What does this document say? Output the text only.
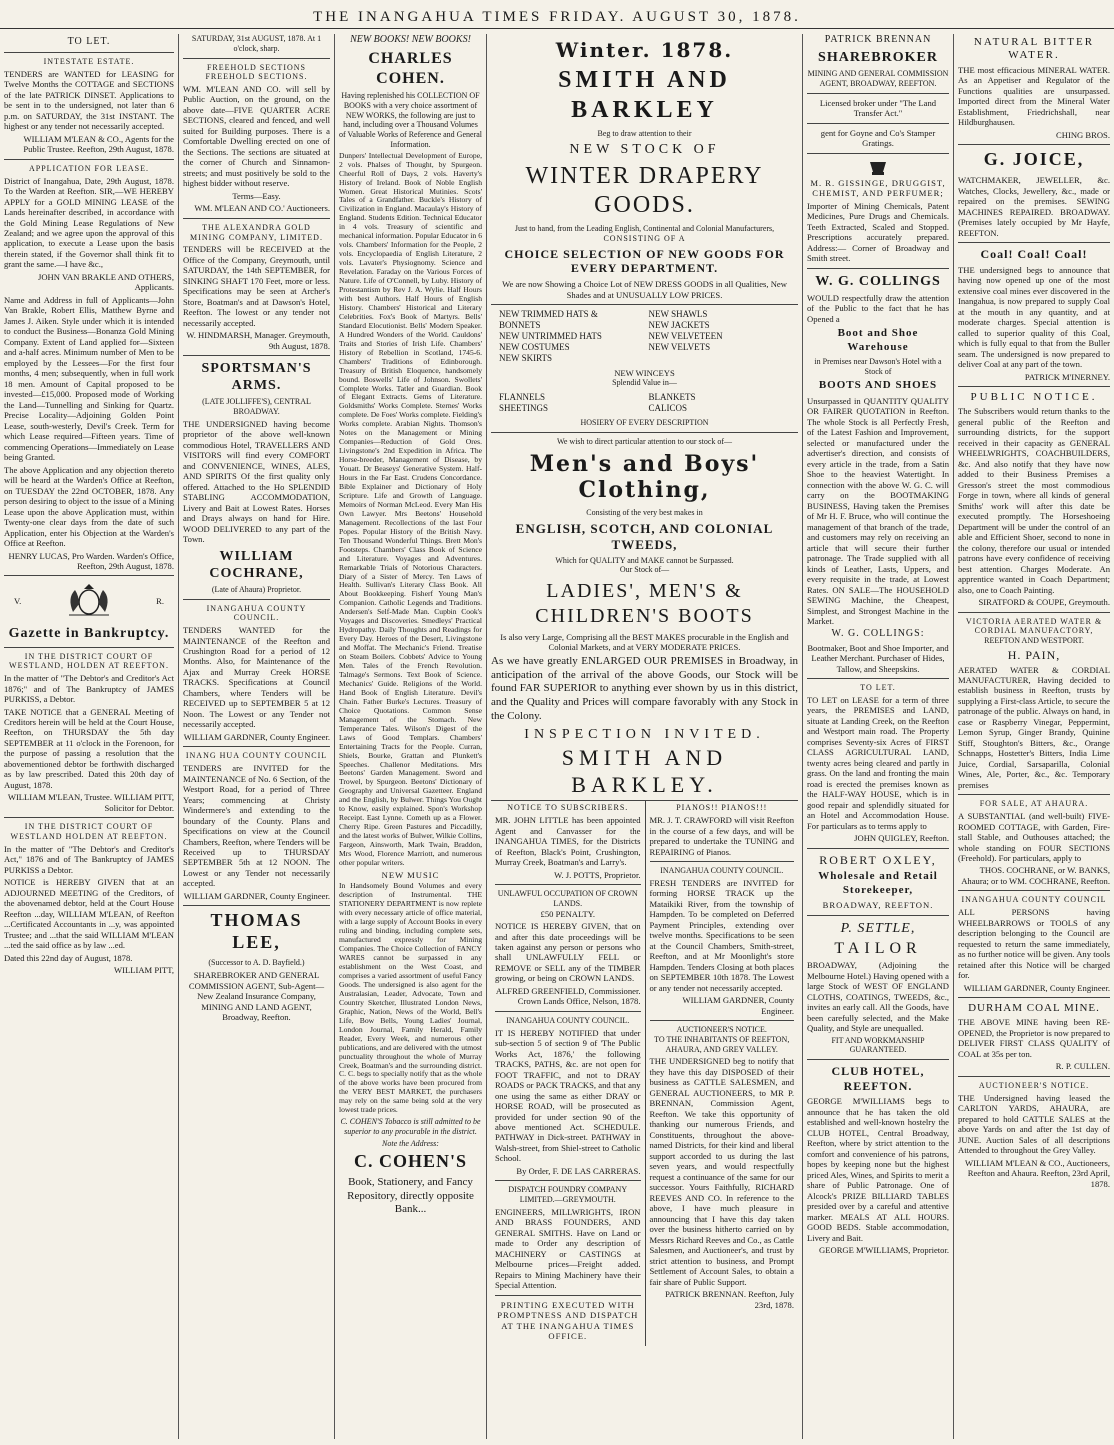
THE INANGAHUA TIMES FRIDAY. AUGUST 30, 1878.
TO LET.
INTESTATE ESTATE.

TENDERS are WANTED for LEASING for Twelve Months the COTTAGE and SECTIONS of the late PATRICK DINSET. Applications to be sent in to the undersigned, not later than 6 p.m. on SATURDAY, the 31st INSTANT. The highest or any tender not necessarily accepted.

WILLIAM M'LEAN & CO., Agents for the Public Trustee. Reefton, 29th August, 1878.

APPLICATION FOR LEASE.

District of Inangahua, Date, 29th August, 1878. To the Warden at Reefton. SIR,—WE HEREBY APPLY for a GOLD MINING LEASE of the Lands hereinafter described, in accordance with the Gold Mining Lease Regulations of New Zealand; and we agree upon the approval of this application, to execute a Lease upon the basis therein stated, if the Governor shall think fit to grant the same.—I have &c.,

JOHN VAN BRAKLE AND OTHERS, Applicants.

Name and Address in full of Applicants—John Van Brakle, Robert Ellis, Matthew Byrne and James J. Aiken. Style under which it is intended to conduct the Business—Bonanza Gold Mining Company. Extent of Land applied for—Sixteen and a-half acres. Minimum number of Men to be employed by the Lessees—For the first four months, 4 men; subsequently, when in full work 18 men. Amount of Capital proposed to be invested—£15,000. Proposed mode of Working the Land—Tunnelling and Sinking for Quartz. Precise Locality—Adjoining Golden Point Lease, south-westerly, Devil's Creek. Term for which Lease required—Fifteen years. Time of commencing Operations—Immediately on Lease being Granted.

The above Application and any objection thereto will be heard at the Warden's Office at Reefton, on TUESDAY the 22nd OCTOBER, 1878. Any person desiring to object to the issue of a Mining Lease upon the above Application must, within Twenty-one clear days from the date of such Application, enter his Objection at the Warden's Office at Reefton.

HENRY LUCAS, Pro Warden. Warden's Office, Reefton, 29th August, 1878.

V.	R.
Gazette in Bankruptcy.
IN THE DISTRICT COURT OF WESTLAND, HOLDEN AT REEFTON.

In the matter of "The Debtor's and Creditor's Act 1876;" and of The Bankruptcy of JAMES PURKISS, a Debtor.

TAKE NOTICE that a GENERAL Meeting of Creditors herein will be held at the Court House, Reefton, on THURSDAY the 5th day SEPTEMBER at 11 o'clock in the Forenoon, for the purpose of passing a resolution that the abovementioned debtor be forthwith discharged as by law prescribed. Dated this 20th day of August, 1878.

WILLIAM M'LEAN, Trustee. WILLIAM PITT, Solicitor for Debtor.

IN THE DISTRICT COURT OF WESTLAND HOLDEN AT REEFTON.

In the matter of "The Debtor's and Creditor's Act," 1876 and of The Bankruptcy of JAMES PURKISS a Debtor.

NOTICE is HEREBY GIVEN that at an ADJOURNED MEETING of the Creditors, of the abovenamed debtor, held at the Court House Reefton ...day, WILLIAM M'LEAN, of Reefton ...Certificated Accountants in ...y, was appointed Trustee; and ...that the said WILLIAM M'LEAN ...ted the said office as by law ...ed.

Dated this 22nd day of August, 1878.

WILLIAM PITT,

SATURDAY, 31st AUGUST, 1878. At 1 o'clock, sharp.
FREEHOLD SECTIONS FREEHOLD SECTIONS.

WM. M'LEAN AND CO. will sell by Public Auction, on the ground, on the above date—FIVE QUARTER ACRE SECTIONS, cleared and fenced, and well suited for Building purposes. There is a Comfortable Dwelling erected on one of the Sections. The sections are situated at the corner of Church and Sinnamon-streets; and must positively be sold to the highest bidder without reserve.

Terms—Easy.

WM. M'LEAN AND CO.' Auctioneers.

THE ALEXANDRA GOLD MINING COMPANY, LIMITED.

TENDERS will be RECEIVED at the Office of the Company, Greymouth, until SATURDAY, the 14th SEPTEMBER, for SINKING SHAFT 170 Feet, more or less. Specifications may be seen at Archer's Store, Boatman's and at Dawson's Hotel, Reefton. The lowest or any tender not necessarily accepted.

W. HINDMARSH, Manager. Greymouth, 9th August, 1878.

SPORTSMAN'S ARMS.
(LATE JOLLIFFE'S), CENTRAL BROADWAY.

THE UNDERSIGNED having become proprietor of the above well-known commodious Hotel, TRAVELLERS AND VISITORS will find every COMFORT and CONVENIENCE, WINES, ALES, AND SPIRITS Of the first quality only offered. Attached to the Ho SPLENDID STABLING ACCOMMODATION, Livery and Bait at Lowest Rates. Horses and Drays always on hand for Hire. WOOD DELIVERED to any part of the Town.

WILLIAM COCHRANE,
(Late of Ahaura) Proprietor.
INANGAHUA COUNTY COUNCIL.

TENDERS WANTED for the MAINTENANCE of the Reefton and Crushington Road for a period of 12 Months. Also, for Maintenance of the Ajax and Murray Creek HORSE TRACKS. Specifications at Council Chambers, where Tenders will be RECEIVED up to SEPTEMBER 5 at 12 Noon. The Lowest or any Tender not necessarily accepted.

WILLIAM GARDNER, County Engineer.

INANG HUA COUNTY COUNCIL

TENDERS are INVITED for the MAINTENANCE of No. 6 Section, of the Westport Road, for a period of Three Years; commencing at Christy Windermere's and extending to the boundary of the County. Plans and Specifications on view at the Council Chambers, Reefton, where Tenders will be Received up to THURSDAY SEPTEMBER 5th at 12 NOON. The Lowest or any Tender not necessarily accepted.

WILLIAM GARDNER, County Engineer.

THOMAS LEE,
(Successor to A. D. Bayfield.)

SHAREBROKER AND GENERAL COMMISSION AGENT, Sub-Agent—New Zealand Insurance Company, MINING AND LAND AGENT, Broadway, Reefton.

NEW BOOKS! NEW BOOKS!
CHARLES COHEN.

Having replenished his COLLECTION OF BOOKS with a very choice assortment of NEW WORKS, the following are just to hand, including over a Thousand Volumes of Valuable Works of Reference and General Information.

Dunpers' Intellectual Development of Europe, 2 vols. Phalses of Thought, by Spurgeon. Cheerful Roll of Days, 2 vols. Haverty's History of Ireland. Book of Noble English Women. Great Historical Mutinies. Scots' Tales of a Grandfather. Buckle's History of Civilization in England. Macaulay's History of England. Students Edition. Technical Educator in 4 vols. Treasury of scientific and mechanical information. Popular Educator in 6 vols. Chambers' Information for the People, 2 vols. Encyclopaedia of English Literature, 2 vols. Lavater's Physiognomy. Science and Revelation. Faraday on the Various Forces of Nature. Life of O'Connell, by Luby. History of Protestantism by Rev J. A. Wylie. Half Hours with best Authors. Half Hours of English History. Chambers' Historical and Literary Celebrities. Fox's Book of Martyrs. Bells' Standard Elocutionist. Bells' Modern Speaker. A Hundred Wonders of the World. Cauldons' Traits and Stories of Irish Life. Chambers' History of Rebellion in Scotland, 1745-6. Chambers' Traditions of Edinborough. Treasury of British Eloquence, handsomely bound. Boswells' Life of Johnson. Swollets' Complete Works. Tatler and Guardian. Book of Elegant Extracts. Gems of Literature. Goldsmiths' Works Complete. Sternes' Works complete. De Foes' Works complete. Fielding's Works complete. Arabian Nights. Thomson's Notes on the Management or Mining Companies—Reduction of Gold Ores. Livingstone's 2nd Expedition in Africa. The Horse-breeder, Management of Disease, by Youatt. Dr Beaseys' Generative System. Half-Hours in the Far East. Crudens Concordance. Bible Explainer and Dictionary of Holy Scripture. Life and Growth of Language. Memoirs of Norman McLeod. Every Man His Own Lawyer. Mrs Beetons' Household Management. Recollections of the last Four Popes. Popular History of the British Navy. Ten Thousand Wonderful Things. Brett Mon's Footsteps. Chambers' Class Book of Science and Literature. Voyages and Adventures. Remarkable Trials of Notorious Characters. Diary of a Sister of Mercy. Ten Laws of Health. Sullivan's Literary Class Book. All About Bookkeeping. Fisherf Young Man's Companion. Catholic Legends and Traditions. Andersen's Self-Made Man. Cupbin Cook's Voyages and Discoveries. Smedleys' Practical Hydropathy. Daily Thoughts and Readings for Every Day. Heroes of the Desert, Livingstone and Moffat. The Mechanic's Friend. Treatise on Steam Boilers. Cobbets' Advice to Young Men. Tales of the French Revolution. Talmage's Sermons. Text Book of Science. Mechanics' Guide. Religions of the World. Hand Book of English Literature. Devil's Chain. Father Burke's Lectures. Treasury of Choice Quotations. Common Sense Management of the Stomach. New Temperance Tales. Wilson's Digest of the Laws of Good Templars. Chambers' Entertaining Tracts for the People. Curran, Shiels, Bourke, Grattan and Plunkett's Speeches. Challenor Meditations. Mrs Beetons' Garden Management. Sword and Trowel, by Spurgeon. Beetons' Dictionary of Geography and Universal Gazetteer. England and the English, by Bulwer. Things You Ought to Know, easily explained. Spon's Workshop Receipt. East Lynne. Cometh up as a Flower. Cherry Ripe. Green Pastures and Piccadilly, and the latest works of Bulwer, Wilkie Collins, Fargeon, Ainsworth, Mark Twain, Braddon, Mrs Wood, Florence Marriott, and numerous other popular writers.

NEW MUSIC

In Handsomely Bound Volumes and every description of Instrumental. THE STATIONERY DEPARTMENT is now replete with every necessary article of office material, with a large supply of Account Books in every ruling and binding, including complete sets, manufactured expressly for Mining Companies. The Choice Collection of FANCY WARES cannot be surpassed in any establishment on the West Coast, and comprises a varied assortment of useful Fancy Goods. The undersigned is also agent for the Australasian, Leader, Advocate, Town and Country Sketcher, Illustrated London News, Graphic, Nation, News of the World, Bell's Life, Bow Bells, Young Ladies' Journal, London Journal, Family Herald, Family Reader, Every Week, and numerous other publications, and are delivered with the utmost punctuality throughout the whole of Murray Creek, Boatman's and the surrounding district. C. C. begs to specially notify that as the whole of the above works have been procured from the VERY BEST MARKET, the purchasers may rely on the same being sold at the very lowest trade prices.

C. COHEN'S Tobacco is still admitted to be superior to any procurable in the district.

Note the Address:
C. COHEN'S
Book, Stationery, and Fancy Repository, directly opposite Bank...
Winter. 1878.
SMITH AND BARKLEY
Beg to draw attention to their
NEW STOCK OF
WINTER DRAPERY GOODS.
Just to hand, from the Leading English, Continental and Colonial Manufacturers,
CONSISTING OF A
CHOICE SELECTION OF NEW GOODS FOR EVERY DEPARTMENT.

We are now Showing a Choice Lot of NEW DRESS GOODS in all Qualities, New Shades and at UNUSUALLY LOW PRICES.

NEW TRIMMED HATS & BONNETS
NEW UNTRIMMED HATS
NEW COSTUMES
NEW SKIRTS
NEW SHAWLS
NEW JACKETS
NEW VELVETEEN
NEW VELVETS
NEW WINCEYS
Splendid Value in—
FLANNELS
SHEETINGS
BLANKETS
CALICOS
HOSIERY OF EVERY DESCRIPTION
We wish to direct particular attention to our stock of—
Men's and Boys' Clothing,
Consisting of the very best makes in
ENGLISH, SCOTCH, AND COLONIAL TWEEDS,
Which for QUALITY and MAKE cannot be Surpassed.
Our Stock of—
LADIES', MEN'S & CHILDREN'S BOOTS

Is also very Large, Comprising all the BEST MAKES procurable in the English and Colonial Markets, and at VERY MODERATE PRICES.

As we have greatly ENLARGED OUR PREMISES in Broadway, in anticipation of the arrival of the above Goods, our Stock will be found FAR SUPERIOR to anything ever shown by us in this district, and the Quality and Prices will compare favorably with any Stock in the Colony.

INSPECTION INVITED.
SMITH AND BARKLEY.
NOTICE TO SUBSCRIBERS.

MR. JOHN LITTLE has been appointed Agent and Canvasser for the INANGAHUA TIMES, for the Districts of Reefton, Black's Point, Crushington, Murray Creek, Boatman's and Larry's.

W. J. POTTS, Proprietor.

UNLAWFUL OCCUPATION OF CROWN LANDS.
£50 PENALTY.

NOTICE IS HEREBY GIVEN, that on and after this date proceedings will be taken against any person or persons who shall UNLAWFULLY FELL or REMOVE or SELL any of the TIMBER growing, or being on CROWN LANDS.

ALFRED GREENFIELD, Commissioner. Crown Lands Office, Nelson, 1878.

INANGAHUA COUNTY COUNCIL.

IT IS HEREBY NOTIFIED that under sub-section 5 of section 9 of 'The Public Works Act, 1876,' the following TRACKS, PATHS, &c. are not open for FOOT TRAFFIC, and not to DRAY ROADS or PACK TRACKS, and that any one using the same as either DRAY or HORSE ROAD, will be prosecuted as provided for under section 90 of the above mentioned Act. SCHEDULE. PATHWAY in Dick-street. PATHWAY in Walsh-street, from Shiel-street to Catholic School.

By Order, F. DE LAS CARRERAS.

DISPATCH FOUNDRY COMPANY LIMITED.—GREYMOUTH.

ENGINEERS, MILLWRIGHTS, IRON AND BRASS FOUNDERS, AND GENERAL SMITHS. Have on Land or made to Order any description of MACHINERY or CASTINGS at Melbourne prices—Freight added. Repairs to Mining Machinery have their Special Attention.

PRINTING EXECUTED WITH PROMPTNESS AND DISPATCH AT THE INANGAHUA TIMES OFFICE.

PIANOS!! PIANOS!!!

MR. J. T. CRAWFORD will visit Reefton in the course of a few days, and will be prepared to undertake the TUNING and REPAIRING of Pianos.

INANGAHUA COUNTY COUNCIL.

FRESH TENDERS are INVITED for forming HORSE TRACK up the Mataikiki River, from the township of Hampden. To be completed on Deferred Payment Principles, extending over twelve months. Specifications to be seen at the Council Chambers, Smith-street, Reefton, and at Mr Moonlight's store Hampden. Tenders Closing at both places on SEPTEMBER 10th 1878. The Lowest or any tender not necessarily accepted.

WILLIAM GARDNER, County Engineer.

AUCTIONEER'S NOTICE.
TO THE INHABITANTS OF REEFTON, AHAURA, AND GREY VALLEY.

THE UNDERSIGNED beg to notify that they have this day DISPOSED of their business as CATTLE SALESMEN, and GENERAL AUCTIONEERS, to MR P. BRENNAN, Commission Agent, Reefton. We take this opportunity of thanking our numerous Friends, and Constituents, throughout the above-named Districts, for their kind and liberal support accorded to us during the last seven years, and would respectfully request a continuance of the same for our successor. Yours Faithfully, RICHARD REEVES AND CO. In reference to the above, I have much pleasure in announcing that I have this day taken over the business hitherto carried on by Messrs Richard Reeves and Co., as Cattle Salesmen, and Auctioneer's, and trust by strict attention to business, and Prompt Settlement of Account Sales, to obtain a fair share of Public Support.

PATRICK BRENNAN. Reefton, July 23rd, 1878.

PATRICK BRENNAN
SHAREBROKER

MINING AND GENERAL COMMISSION AGENT, BROADWAY, REEFTON.

Licensed broker under "The Land Transfer Act."

gent for Goyne and Co's Stamper Gratings.

M. R. GISSINGE, DRUGGIST, CHEMIST, AND PERFUMER;

Importer of Mining Chemicals, Patent Medicines, Pure Drugs and Chemicals. Teeth Extracted, Scaled and Stopped. Prescriptions accurately prepared. Address:— Corner of Broadway and Smith street.

W. G. COLLINGS

WOULD respectfully draw the attention of the Public to the fact that he has Opened a

Boot and Shoe Warehouse
in Premises near Dawson's Hotel with a Stock of
BOOTS AND SHOES

Unsurpassed in QUANTITY QUALITY OR FAIRER QUOTATION in Reefton. The whole Stock is all Perfectly Fresh, of the Latest Fashion and Improvement, selected or manufactured under the advertiser's direction, and consists of every article in the trade, from a Satin Shoe to the heaviest Watertight. In connection with the above W. G. C. will carry on the BOOTMAKING BUSINESS, Having taken the Premises of Mr H. F. Bruce, who will continue the management of that branch of the trade, and customers may rely on receiving an article that will secure their further patronage. The Trade supplied with all kinds of Leather, Lasts, Uppers, and every requisite in the trade, at Lowest Rates. ON SALE—The HOUSEHOLD SEWING Machine, the Cheapest, Simplest, and Strongest Machine in the Market.

W. G. COLLINGS:

Bootmaker, Boot and Shoe Importer, and Leather Merchant. Purchaser of Hides, Tallow, and Sheepskins.

TO LET.

TO LET on LEASE for a term of three years, the PREMISES and LAND, situate at Landing Creek, on the Reefton and Westport main road. The Property comprises Seventy-six Acres of FIRST CLASS AGRICULTURAL LAND, twenty acres being cleared and partly in grass. On the land and fronting the main road is erected the premises known as the HALF-WAY HOUSE, which is in good repair and splendidly situated for an Hotel and Accommodation House. For particulars as to terms apply to

JOHN QUIGLEY, Reefton.

ROBERT OXLEY,
Wholesale and Retail Storekeeper,
BROADWAY, REEFTON.
P. SETTLE,
TAILOR

BROADWAY, (Adjoining the Melbourne Hotel.) Having opened with a large Stock of WEST OF ENGLAND CLOTHS, COATINGS, TWEEDS, &c., invites an early call. All the Goods, have been carefully selected, and the Make Quality, and Style are unequalled.

FIT AND WORKMANSHIP GUARANTEED.
CLUB HOTEL, REEFTON.

GEORGE M'WILLIAMS begs to announce that he has taken the old established and well-known hostelry the CLUB HOTEL, Central Broadway, Reefton, where by strict attention to the comfort and convenience of his patrons, hopes by keeping none but the highest priced Ales, Wines, and Spirits to merit a share of Public Patronage. One of Alcock's PRIZE BILLIARD TABLES presided over by a careful and attentive marker. MEALS AT ALL HOURS. GOOD BEDS. Stable accommodation, Livery and Bait.

GEORGE M'WILLIAMS, Proprietor.

NATURAL BITTER WATER.

THE most efficacious MINERAL WATER. As an Appetiser and Regulator of the Functions qualities are unsurpassed. Imported direct from the Mineral Water Establishment, Friedrichshall, near Hildburghausen.

CHING BROS.

G. JOICE,

WATCHMAKER, JEWELLER, &c. Watches, Clocks, Jewellery, &c., made or repaired on the premises. SEWING MACHINES REPAIRED. BROADWAY. (Premises lately occupied by Mr Hayfe, REEFTON.

Coal! Coal! Coal!

THE undersigned begs to announce that having now opened up one of the most extensive coal mines ever discovered in the Inangahua, is now prepared to supply Coal at the mouth in any quantity, and at moderate charges. Special attention is called to superior quality of this Coal, which is fully equal to that from the Buller seam. The undersigned is now prepared to deliver Coal at any part of the town.

PATRICK M'INERNEY.

PUBLIC NOTICE.

The Subscribers would return thanks to the general public of the Reefton and surrounding districts, for the support received in their capacity as GENERAL WHEELWRIGHTS, COACHBUILDERS, &c. And also notify that they have now added to their Business Premises a Gresson's street the most commodious Forge in town, where all kinds of general Smiths' work will after this date be executed promptly. The Horseshoeing Department will be under the control of an able and Efficient Shoer, second to none in the colony, therefore our usual or intended patrons have every confidence of receiving best attention. Charges Moderate. An apprentice wanted in Coach Department; also, one to Coach Painting.

SIRATFORD & COUPE, Greymouth.

VICTORIA AERATED WATER & CORDIAL MANUFACTORY,
REEFTON AND WESTPORT.
H. PAIN,

AERATED WATER & CORDIAL MANUFACTURER, Having decided to establish business in Reefton, trusts by supplying a First-class Article, to secure the patronage of the public. Always on hand, in case or Raspberry Vinegar, Peppermint, Lemon Syrup, Ginger Brandy, Quinine Stiff, Stoughton's Bitters, &c., Orange Schnapps, Hostetter's Bitters, India Lime Juice, Cordial, Sarsaparilla, Colonial Wines, Ale, Porter, &c., &c. Temporary premises

FOR SALE, AT AHAURA.

A SUBSTANTIAL (and well-built) FIVE-ROOMED COTTAGE, with Garden, Fire-stall Stable, and Outhouses attached; the whole standing on FOUR SECTIONS (Freehold). For particulars, apply to

THOS. COCHRANE, or W. BANKS, Ahaura; or to WM. COCHRANE, Reefton.

INANGAHUA COUNTY COUNCIL

ALL PERSONS having WHEELBARROWS or TOOLS of any description belonging to the Council are requested to return the same immediately, as no further notice will be given. Any tools retained after this Notice will be charged for.

WILLIAM GARDNER, County Engineer.

DURHAM COAL MINE.

THE ABOVE MINE having been RE-OPENED, the Proprietor is now prepared to DELIVER FIRST CLASS QUALITY of COAL at 35s per ton.

R. P. CULLEN.

AUCTIONEER'S NOTICE.

THE Undersigned having leased the CARLTON YARDS, AHAURA, are prepared to hold CATTLE SALES at the above Yards on and after the 1st day of JUNE. Auction Sales of all descriptions Attended to throughout the Grey Valley.

WILLIAM M'LEAN & CO., Auctioneers, Reefton and Ahaura. Reefton, 23rd April, 1878.
